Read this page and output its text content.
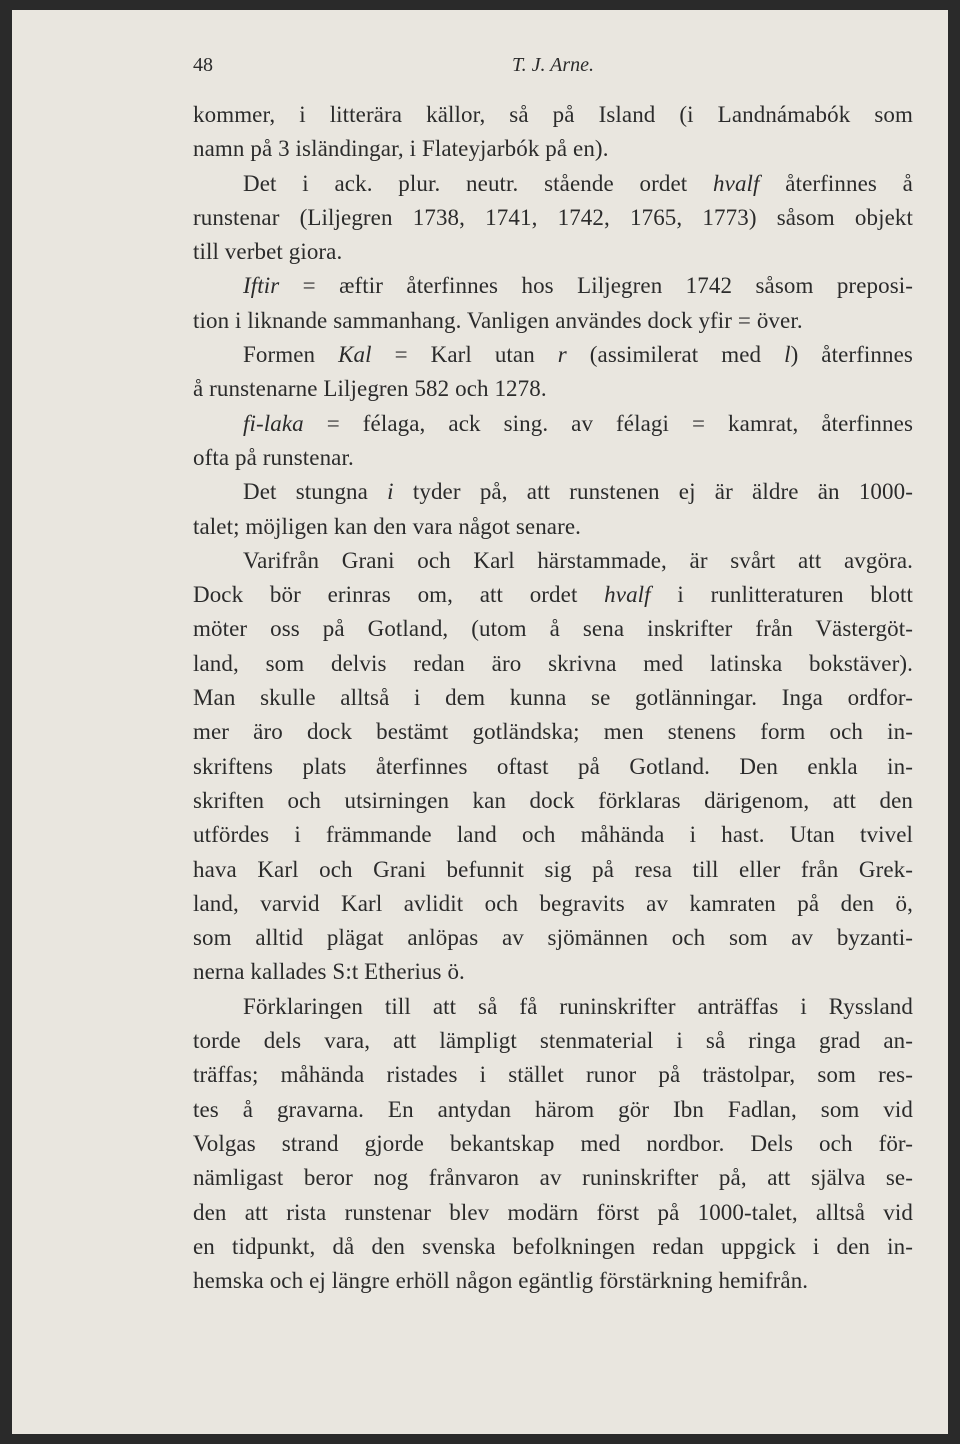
48	T. J. Arne.
kommer, i litterära källor, så på Island (i Landnámabók som
namn på 3 isländingar, i Flateyjarbók på en).
Det i ack. plur. neutr. stående ordet hvalf återfinnes å
runstenar (Liljegren 1738, 1741, 1742, 1765, 1773) såsom objekt
till verbet giora.
Iftir = æftir återfinnes hos Liljegren 1742 såsom preposi-
tion i liknande sammanhang. Vanligen användes dock yfir = över.
Formen Kal = Karl utan r (assimilerat med l) återfinnes
å runstenarne Liljegren 582 och 1278.
fi-laka = félaga, ack sing. av félagi = kamrat, återfinnes
ofta på runstenar.
Det stungna i tyder på, att runstenen ej är äldre än 1000-
talet; möjligen kan den vara något senare.
Varifrån Grani och Karl härstammade, är svårt att avgöra.
Dock bör erinras om, att ordet hvalf i runlitteraturen blott
möter oss på Gotland, (utom å sena inskrifter från Västergöt-
land, som delvis redan äro skrivna med latinska bokstäver).
Man skulle alltså i dem kunna se gotlänningar. Inga ordfor-
mer äro dock bestämt gotländska; men stenens form och in-
skriftens plats återfinnes oftast på Gotland. Den enkla in-
skriften och utsirningen kan dock förklaras därigenom, att den
utfördes i främmande land och måhända i hast. Utan tvivel
hava Karl och Grani befunnit sig på resa till eller från Grek-
land, varvid Karl avlidit och begravits av kamraten på den ö,
som alltid plägat anlöpas av sjömännen och som av byzanti-
nerna kallades S:t Etherius ö.
Förklaringen till att så få runinskrifter anträffas i Ryssland
torde dels vara, att lämpligt stenmaterial i så ringa grad an-
träffas; måhända ristades i stället runor på trästolpar, som res-
tes å gravarna. En antydan härom gör Ibn Fadlan, som vid
Volgas strand gjorde bekantskap med nordbor. Dels och för-
nämligast beror nog frånvaron av runinskrifter på, att själva se-
den att rista runstenar blev modärn först på 1000-talet, alltså vid
en tidpunkt, då den svenska befolkningen redan uppgick i den in-
hemska och ej längre erhöll någon egäntlig förstärkning hemifrån.
